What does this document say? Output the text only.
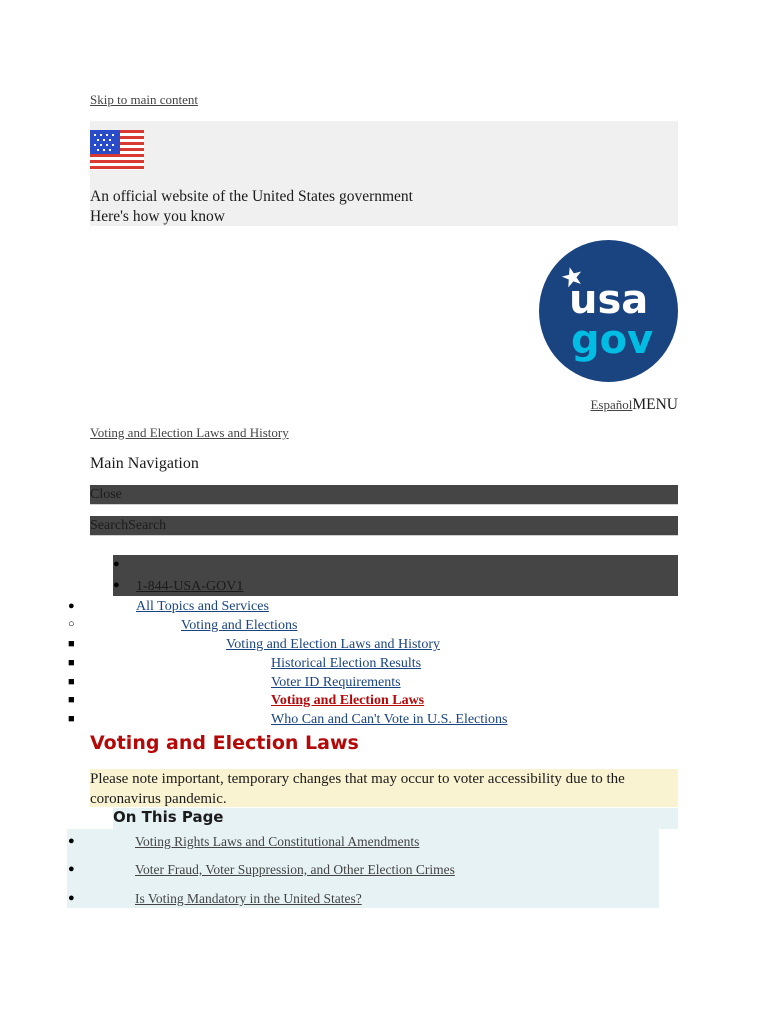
Skip to main content
An official website of the United States government
Here's how you know
usa
gov
EspañolMENU
Voting and Election Laws and History
Main Navigation
Close
SearchSearch
●
● 1-844-USA-GOV1
●	All Topics and Services
○	Voting and Elections
■	Voting and Election Laws and History
■	Historical Election Results
■	Voter ID Requirements
■	Voting and Election Laws
■	Who Can and Can't Vote in U.S. Elections
Voting and Election Laws
Please note important, temporary changes that may occur to voter accessibility due to the coronavirus pandemic.
On This Page
●	Voting Rights Laws and Constitutional Amendments
●	Voter Fraud, Voter Suppression, and Other Election Crimes
●	Is Voting Mandatory in the United States?
